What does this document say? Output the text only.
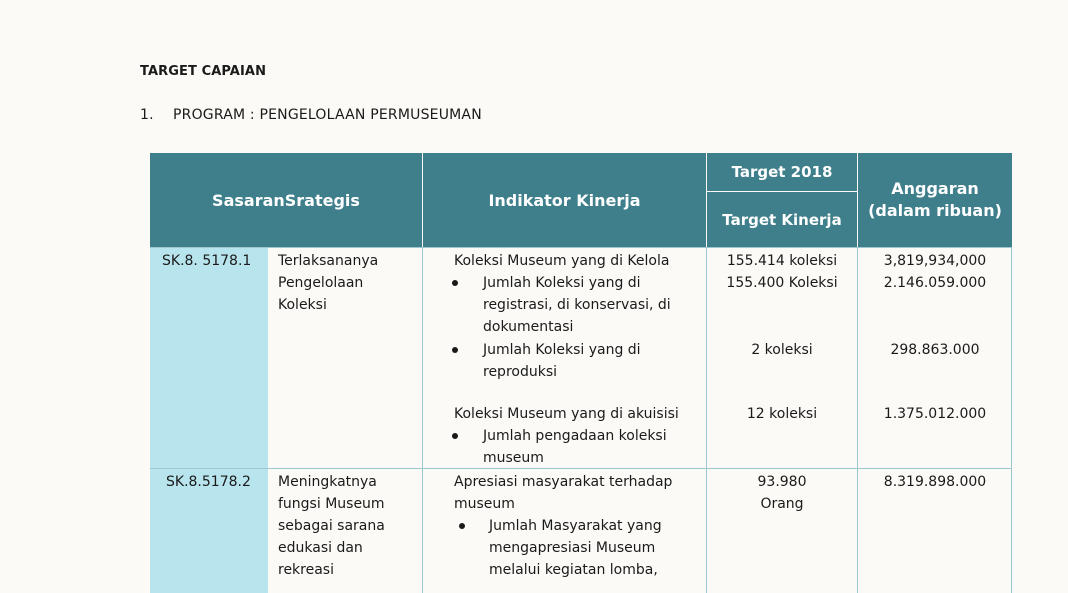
TARGET CAPAIAN
1. PROGRAM : PENGELOLAAN PERMUSEUMAN
SasaranSrategis	Indikator Kinerja
Target 2018
Target Kinerja
Anggaran
(dalam ribuan)
SK.8. 5178.1 Terlaksananya
Pengelolaan
Koleksi
Koleksi Museum yang di Kelola
Jumlah Koleksi yang di
registrasi, di konservasi, di
dokumentasi
Jumlah Koleksi yang di
reproduksi
Koleksi Museum yang di akuisisi
Jumlah pengadaan koleksi
museum
155.414 koleksi
155.400 Koleksi
2 koleksi
12 koleksi
3,819,934,000
2.146.059.000
298.863.000
1.375.012.000
SK.8.5178.2 Meningkatnya
fungsi Museum
sebagai sarana
edukasi dan
rekreasi
Apresiasi masyarakat terhadap
museum
Jumlah Masyarakat yang
mengapresiasi Museum
melalui kegiatan lomba,
93.980
Orang
8.319.898.000
